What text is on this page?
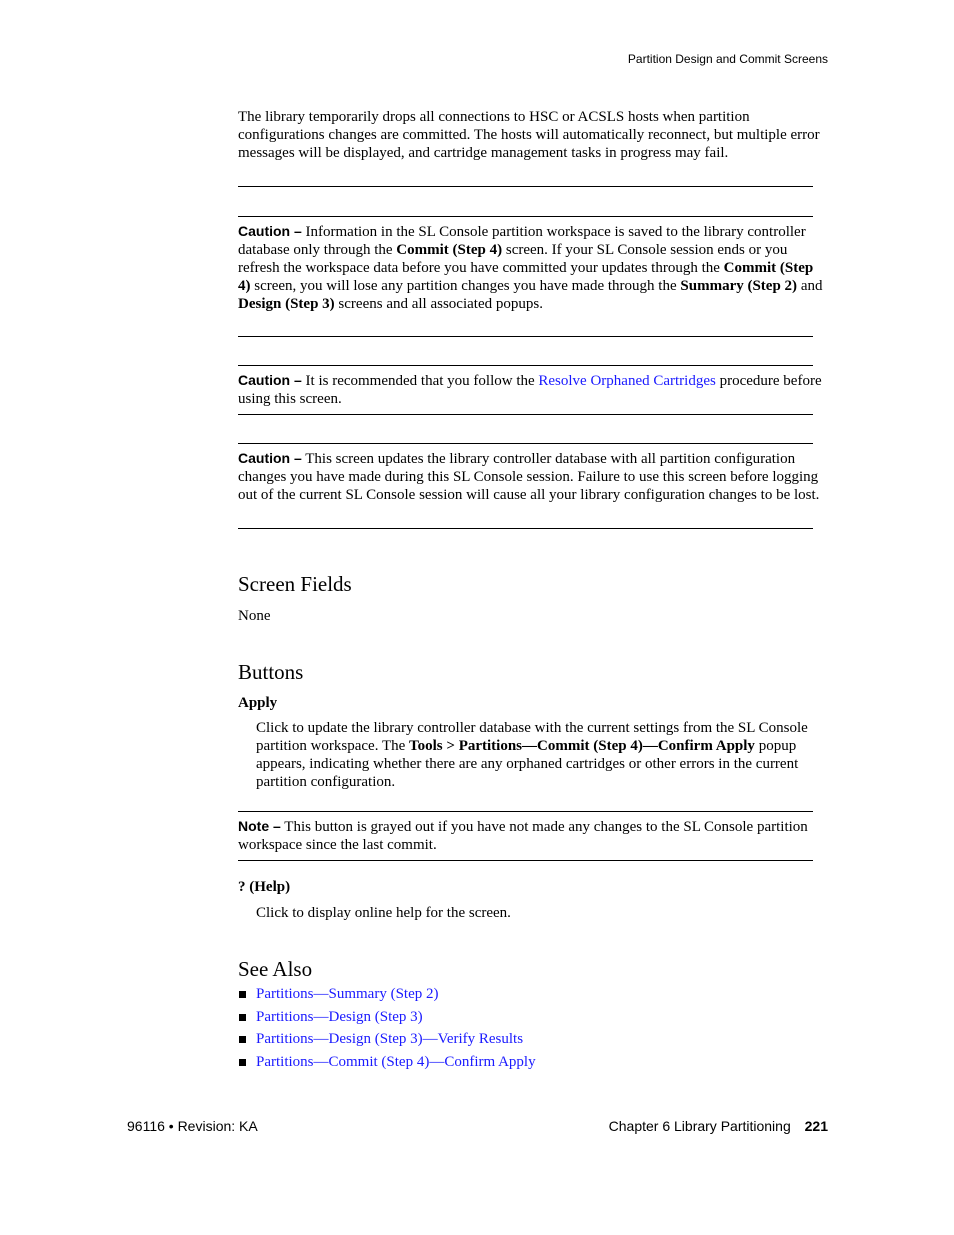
Partition Design and Commit Screens
The library temporarily drops all connections to HSC or ACSLS hosts when partition configurations changes are committed. The hosts will automatically reconnect, but multiple error messages will be displayed, and cartridge management tasks in progress may fail.
Caution – Information in the SL Console partition workspace is saved to the library controller database only through the Commit (Step 4) screen. If your SL Console session ends or you refresh the workspace data before you have committed your updates through the Commit (Step 4) screen, you will lose any partition changes you have made through the Summary (Step 2) and Design (Step 3) screens and all associated popups.
Caution – It is recommended that you follow the Resolve Orphaned Cartridges procedure before using this screen.
Caution – This screen updates the library controller database with all partition configuration changes you have made during this SL Console session. Failure to use this screen before logging out of the current SL Console session will cause all your library configuration changes to be lost.
Screen Fields
None
Buttons
Apply
Click to update the library controller database with the current settings from the SL Console partition workspace. The Tools > Partitions—Commit (Step 4)—Confirm Apply popup appears, indicating whether there are any orphaned cartridges or other errors in the current partition configuration.
Note – This button is grayed out if you have not made any changes to the SL Console partition workspace since the last commit.
? (Help)
Click to display online help for the screen.
See Also
Partitions—Summary (Step 2)
Partitions—Design (Step 3)
Partitions—Design (Step 3)—Verify Results
Partitions—Commit (Step 4)—Confirm Apply
96116 • Revision: KA	Chapter 6 Library Partitioning 221
